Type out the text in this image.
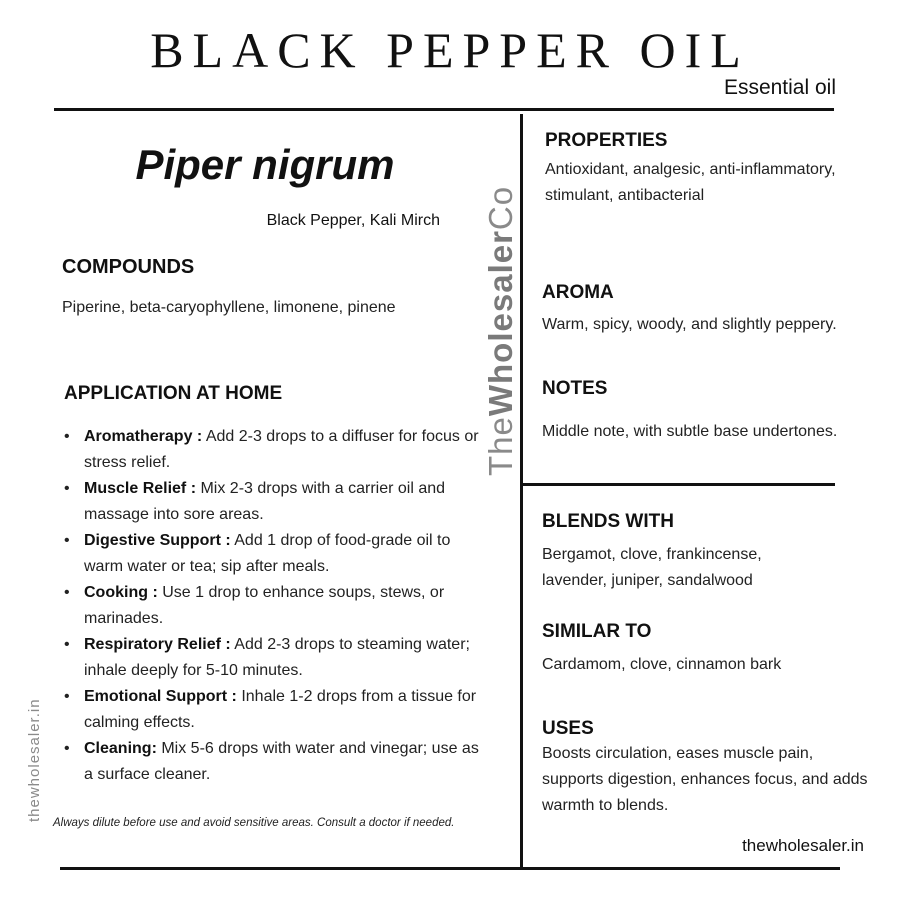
BLACK PEPPER OIL
Essential oil
Piper nigrum
Black Pepper, Kali Mirch
COMPOUNDS
Piperine, beta-caryophyllene, limonene, pinene
APPLICATION AT HOME
• Aromatherapy : Add 2-3 drops to a diffuser for focus or stress relief.
• Muscle Relief : Mix 2-3 drops with a carrier oil and massage into sore areas.
• Digestive Support : Add 1 drop of food-grade oil to warm water or tea; sip after meals.
• Cooking : Use 1 drop to enhance soups, stews, or marinades.
• Respiratory Relief : Add 2-3 drops to steaming water; inhale deeply for 5-10 minutes.
• Emotional Support : Inhale 1-2 drops from a tissue for calming effects.
• Cleaning: Mix 5-6 drops with water and vinegar; use as a surface cleaner.
Always dilute before use and avoid sensitive areas. Consult a doctor if needed.
TheWholesalerCo
thewholesaler.in
PROPERTIES
Antioxidant, analgesic, anti-inflammatory, stimulant, antibacterial
AROMA
Warm, spicy, woody, and slightly peppery.
NOTES
Middle note, with subtle base undertones.
BLENDS WITH
Bergamot, clove, frankincense, lavender, juniper, sandalwood
SIMILAR TO
Cardamom, clove, cinnamon bark
USES
Boosts circulation, eases muscle pain, supports digestion, enhances focus, and adds warmth to blends.
thewholesaler.in
